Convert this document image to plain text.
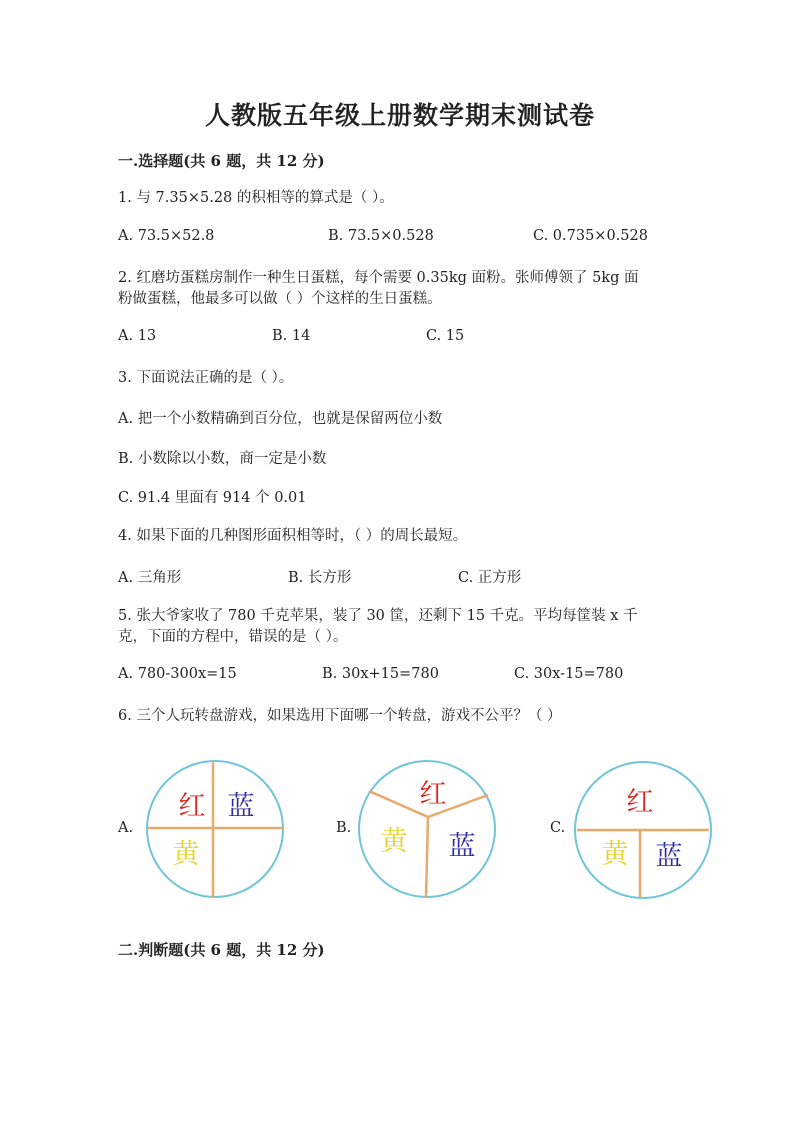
人教版五年级上册数学期末测试卷
一.选择题(共 6 题，共 12 分)
1. 与 7.35×5.28 的积相等的算式是（ ）。
A. 73.5×52.8	B. 73.5×0.528	C. 0.735×0.528
2. 红磨坊蛋糕房制作一种生日蛋糕，每个需要 0.35kg 面粉。张师傅领了 5kg 面
粉做蛋糕，他最多可以做（ ）个这样的生日蛋糕。
A. 13	B. 14	C. 15
3. 下面说法正确的是（ ）。
A. 把一个小数精确到百分位，也就是保留两位小数
B. 小数除以小数，商一定是小数
C. 91.4 里面有 914 个 0.01
4. 如果下面的几种图形面积相等时，（ ）的周长最短。
A. 三角形	B. 长方形	C. 正方形
5. 张大爷家收了 780 千克苹果，装了 30 筐，还剩下 15 千克。平均每筐装 x 千
克，下面的方程中，错误的是（ ）。
A. 780-300x=15	B. 30x+15=780	C. 30x-15=780
6. 三个人玩转盘游戏，如果选用下面哪一个转盘，游戏不公平？（ ）
A.	B.	C.
红 蓝
黄
红
黄 蓝
红
黄 蓝
二.判断题(共 6 题，共 12 分)
